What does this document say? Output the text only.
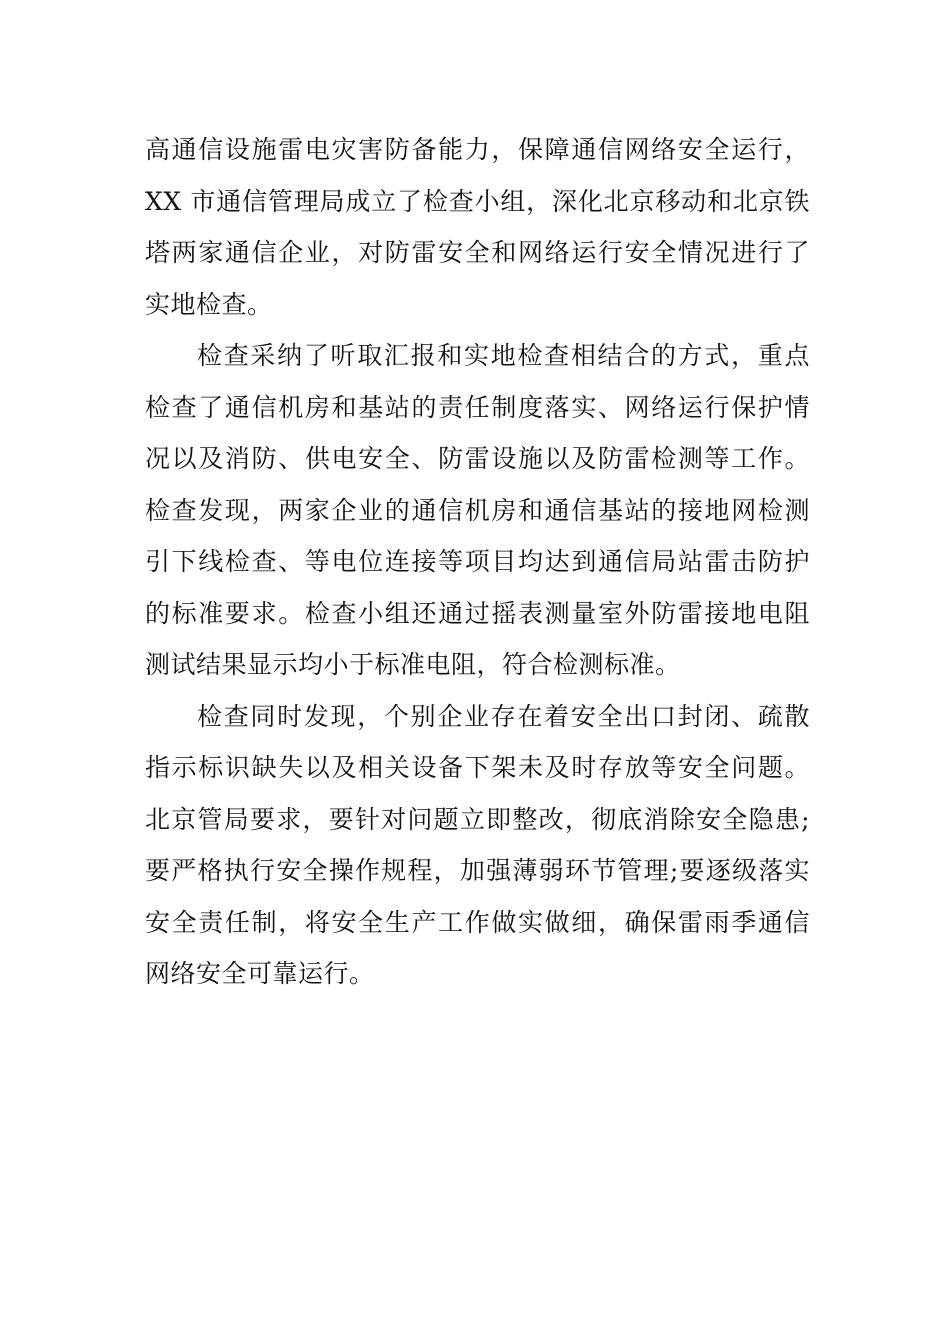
高通信设施雷电灾害防备能力，保障通信网络安全运行，
XX 市通信管理局成立了检查小组，深化北京移动和北京铁
塔两家通信企业，对防雷安全和网络运行安全情况进行了
实地检查。
检查采纳了听取汇报和实地检查相结合的方式，重点
检查了通信机房和基站的责任制度落实、网络运行保护情
况以及消防、供电安全、防雷设施以及防雷检测等工作。
检查发现，两家企业的通信机房和通信基站的接地网检测
引下线检查、等电位连接等项目均达到通信局站雷击防护
的标准要求。检查小组还通过摇表测量室外防雷接地电阻
测试结果显示均小于标准电阻，符合检测标准。
检查同时发现，个别企业存在着安全出口封闭、疏散
指示标识缺失以及相关设备下架未及时存放等安全问题。
北京管局要求，要针对问题立即整改，彻底消除安全隐患;
要严格执行安全操作规程，加强薄弱环节管理;要逐级落实
安全责任制，将安全生产工作做实做细，确保雷雨季通信
网络安全可靠运行。
